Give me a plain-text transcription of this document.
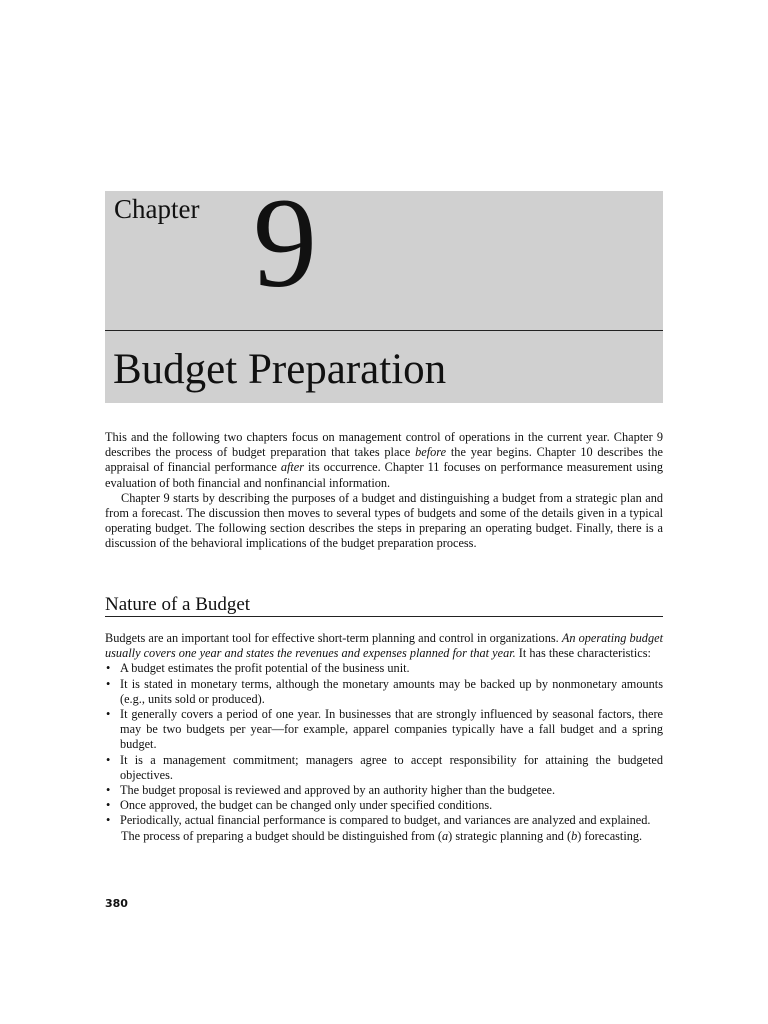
Chapter 9
Budget Preparation

This and the following two chapters focus on management control of operations in the current year. Chapter 9 describes the process of budget preparation that takes place before the year begins. Chapter 10 describes the appraisal of financial performance after its occurrence. Chapter 11 focuses on performance measurement using evaluation of both financial and nonfinancial information.

Chapter 9 starts by describing the purposes of a budget and distinguishing a budget from a strategic plan and from a forecast. The discussion then moves to several types of budgets and some of the details given in a typical operating budget. The following section describes the steps in preparing an operating budget. Finally, there is a discussion of the behavioral implications of the budget preparation process.

Nature of a Budget

Budgets are an important tool for effective short-term planning and control in organizations. An operating budget usually covers one year and states the revenues and expenses planned for that year. It has these characteristics:

• A budget estimates the profit potential of the business unit.
• It is stated in monetary terms, although the monetary amounts may be backed up by nonmonetary amounts (e.g., units sold or produced).
• It generally covers a period of one year. In businesses that are strongly influenced by seasonal factors, there may be two budgets per year—for example, apparel companies typically have a fall budget and a spring budget.
• It is a management commitment; managers agree to accept responsibility for attaining the budgeted objectives.
• The budget proposal is reviewed and approved by an authority higher than the budgetee.
• Once approved, the budget can be changed only under specified conditions.
• Periodically, actual financial performance is compared to budget, and variances are analyzed and explained.

The process of preparing a budget should be distinguished from (a) strategic planning and (b) forecasting.

380
